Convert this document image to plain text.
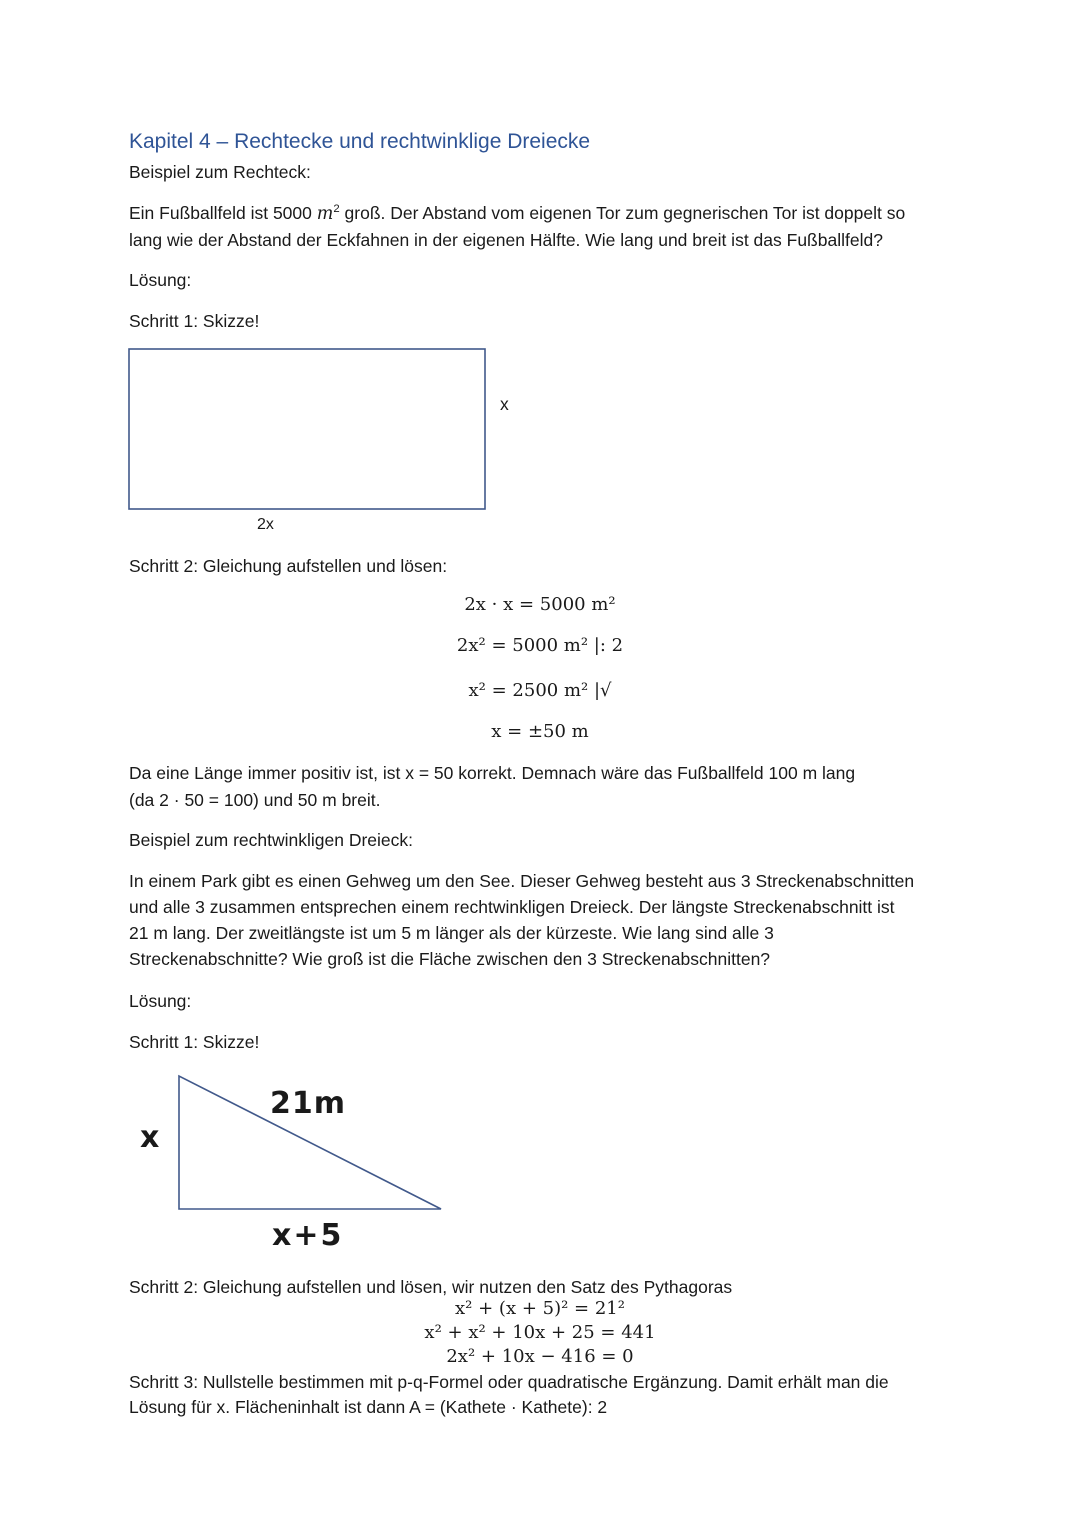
Kapitel 4 – Rechtecke und rechtwinklige Dreiecke
Beispiel zum Rechteck:
Ein Fußballfeld ist 5000 $m^2$ groß. Der Abstand vom eigenen Tor zum gegnerischen Tor ist doppelt so
lang wie der Abstand der Eckfahnen in der eigenen Hälfte. Wie lang und breit ist das Fußballfeld?
Lösung:
Schritt 1: Skizze!
x
2x
Schritt 2: Gleichung aufstellen und lösen:
2x · x = 5000 m²
2x² = 5000 m² |: 2
x² = 2500 m² |√
x = ±50 m
Da eine Länge immer positiv ist, ist x = 50 korrekt. Demnach wäre das Fußballfeld 100 m lang
(da 2 · 50 = 100) und 50 m breit.
Beispiel zum rechtwinkligen Dreieck:
In einem Park gibt es einen Gehweg um den See. Dieser Gehweg besteht aus 3 Streckenabschnitten
und alle 3 zusammen entsprechen einem rechtwinkligen Dreieck. Der längste Streckenabschnitt ist
21 m lang. Der zweitlängste ist um 5 m länger als der kürzeste. Wie lang sind alle 3
Streckenabschnitte? Wie groß ist die Fläche zwischen den 3 Streckenabschnitten?
Lösung:
Schritt 1: Skizze!
x
21m
x+5
Schritt 2: Gleichung aufstellen und lösen, wir nutzen den Satz des Pythagoras
x² + (x + 5)² = 21²
x² + x² + 10x + 25 = 441
2x² + 10x − 416 = 0
Schritt 3: Nullstelle bestimmen mit p-q-Formel oder quadratische Ergänzung. Damit erhält man die
Lösung für x. Flächeninhalt ist dann A = (Kathete · Kathete): 2
